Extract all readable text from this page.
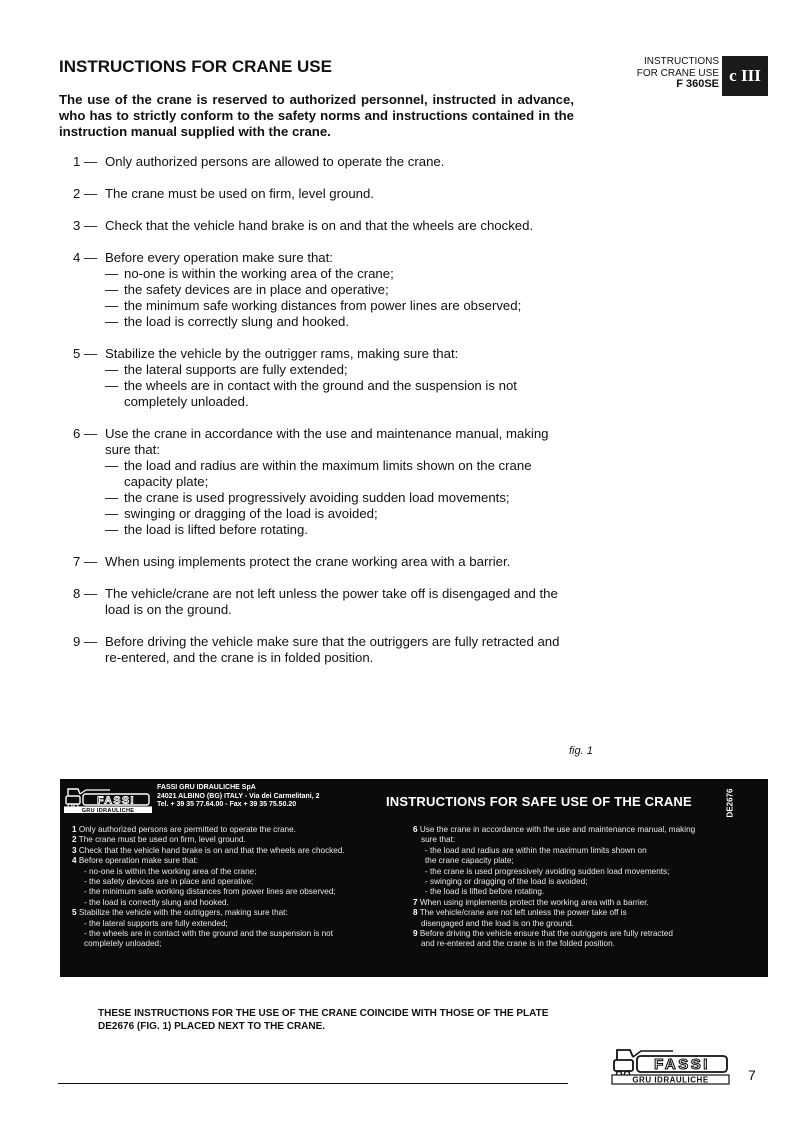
INSTRUCTIONS FOR CRANE USE	INSTRUCTIONS
FOR CRANE USE
F 360SE c III

The use of the crane is reserved to authorized personnel, instructed in advance, who has to strictly conform to the safety norms and instructions contained in the instruction manual supplied with the crane.

1 — Only authorized persons are allowed to operate the crane.
2 — The crane must be used on firm, level ground.
3 — Check that the vehicle hand brake is on and that the wheels are chocked.
4 — Before every operation make sure that:
— no-one is within the working area of the crane;
— the safety devices are in place and operative;
— the minimum safe working distances from power lines are observed;
— the load is correctly slung and hooked.
5 — Stabilize the vehicle by the outrigger rams, making sure that:
— the lateral supports are fully extended;
— the wheels are in contact with the ground and the suspension is not completely unloaded.
6 — Use the crane in accordance with the use and maintenance manual, making sure that:
— the load and radius are within the maximum limits shown on the crane capacity plate;
— the crane is used progressively avoiding sudden load movements;
— swinging or dragging of the load is avoided;
— the load is lifted before rotating.
7 — When using implements protect the crane working area with a barrier.
8 — The vehicle/crane are not left unless the power take off is disengaged and the load is on the ground.
9 — Before driving the vehicle make sure that the outriggers are fully retracted and re-entered, and the crane is in folded position.
fig. 1
FASSI
GRU IDRAULICHE
FASSI GRU IDRAULICHE SpA
24021 ALBINO (BG) ITALY - Via dei Carmelitani, 2
Tel. + 39 35 77.64.00 - Fax + 39 35 75.50.20	INSTRUCTIONS FOR SAFE USE OF THE CRANE	DE2676
1 Only authorized persons are permitted to operate the crane.
2 The crane must be used on firm, level ground.
3 Check that the vehicle hand brake is on and that the wheels are chocked.
4 Before operation make sure that:
- no-one is within the working area of the crane;
- the safety devices are in place and operative;
- the minimum safe working distances from power lines are observed;
- the load is correctly slung and hooked.
5 Stabilize the vehicle with the outriggers, making sure that:
- the lateral supports are fully extended;
- the wheels are in contact with the ground and the suspension is not
completely unloaded;
6 Use the crane in accordance with the use and maintenance manual, making
sure that:
- the load and radius are within the maximum limits shown on
the crane capacity plate;
- the crane is used progressively avoiding sudden load movements;
- swinging or dragging of the load is avoided;
- the load is lifted before rotating.
7 When using implements protect the working area with a barrier.
8 The vehicle/crane are not left unless the power take off is
disengaged and the load is on the ground.
9 Before driving the vehicle ensure that the outriggers are fully retracted
and re-entered and the crane is in the folded position.

THESE INSTRUCTIONS FOR THE USE OF THE CRANE COINCIDE WITH THOSE OF THE PLATE DE2676 (FIG. 1) PLACED NEXT TO THE CRANE.

FASSI
GRU IDRAULICHE	7
